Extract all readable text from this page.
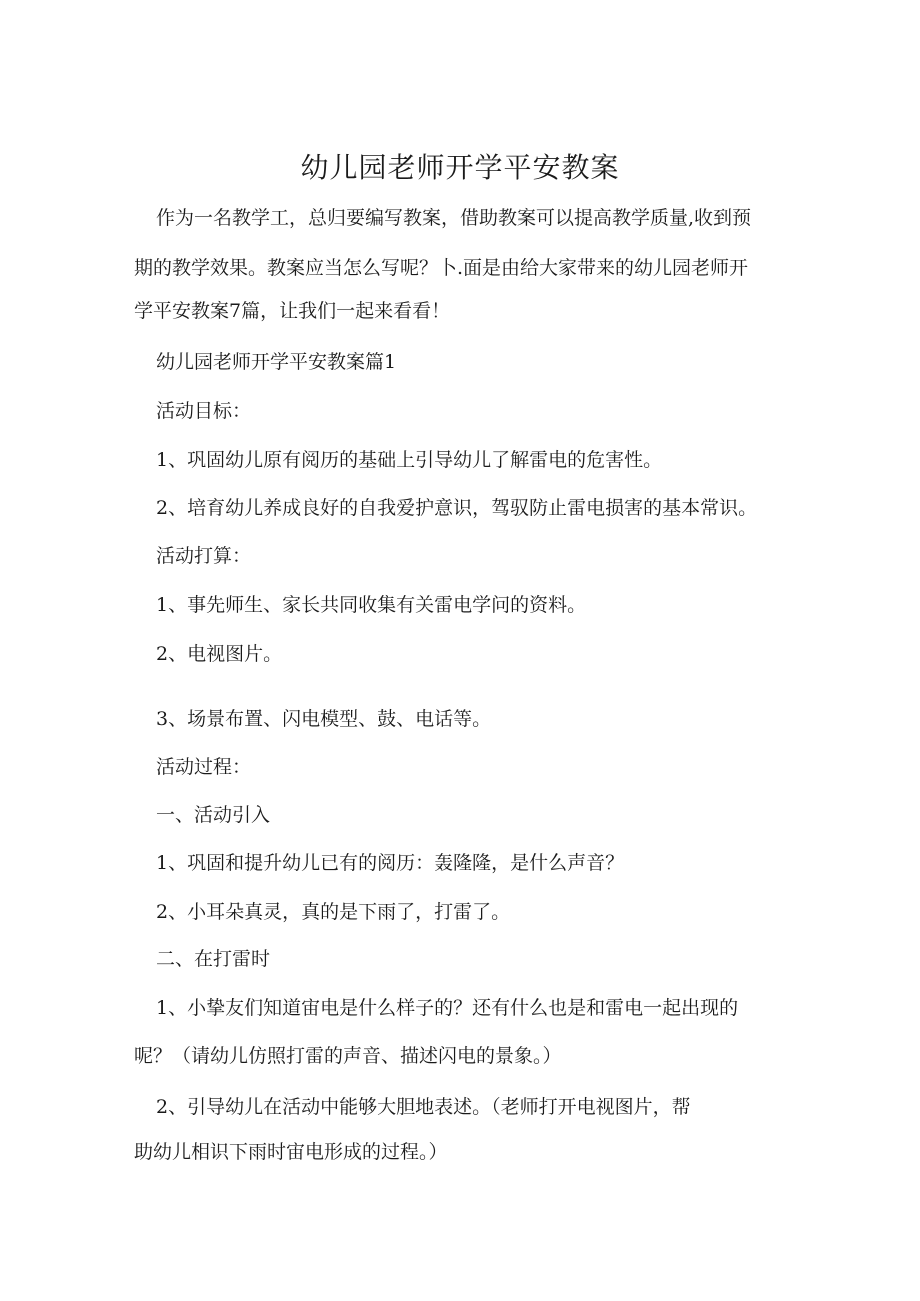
幼儿园老师开学平安教案
作为一名教学工，总归要编写教案，借助教案可以提高教学质量,收到预
期的教学效果。教案应当怎么写呢？卜.面是由给大家带来的幼儿园老师开
学平安教案7篇，让我们一起来看看！
幼儿园老师开学平安教案篇1
活动目标：
1、巩固幼儿原有阅历的基础上引导幼儿了解雷电的危害性。
2、培育幼儿养成良好的自我爱护意识，驾驭防止雷电损害的基本常识。
活动打算：
1、事先师生、家长共同收集有关雷电学问的资料。
2、电视图片。
3、场景布置、闪电模型、鼓、电话等。
活动过程：
一、活动引入
1、巩固和提升幼儿已有的阅历：轰隆隆，是什么声音？
2、小耳朵真灵，真的是下雨了，打雷了。
二、在打雷时
1、小挚友们知道宙电是什么样子的？还有什么也是和雷电一起出现的
呢？（请幼儿仿照打雷的声音、描述闪电的景象。）
2、引导幼儿在活动中能够大胆地表述。（老师打开电视图片，帮
助幼儿相识下雨时宙电形成的过程。）
